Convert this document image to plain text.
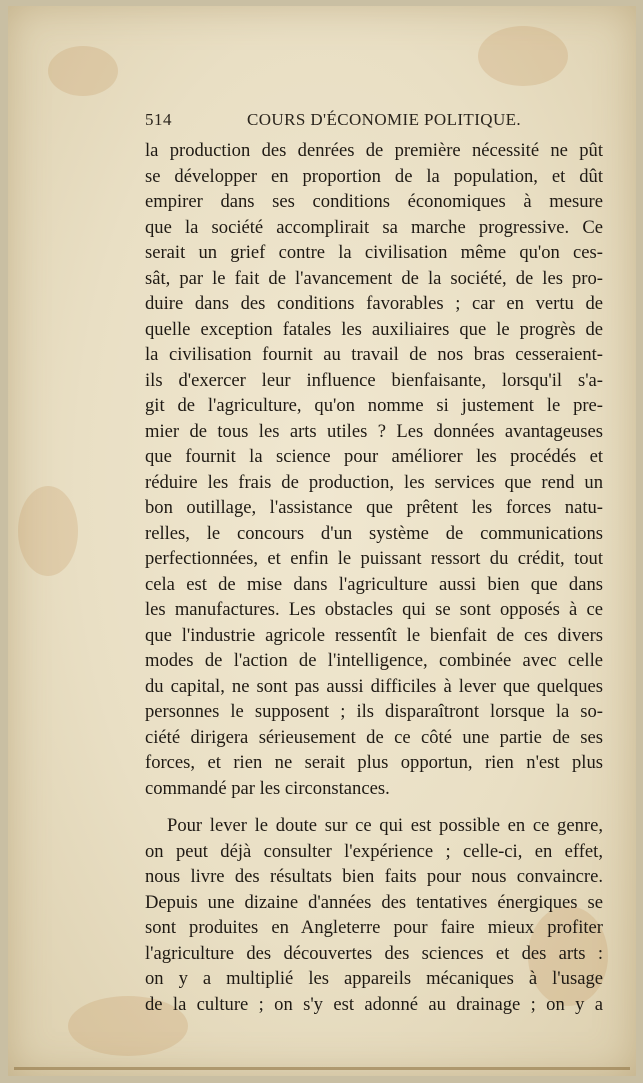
514	COURS D'ÉCONOMIE POLITIQUE.
la production des denrées de première nécessité ne pût
se développer en proportion de la population, et dût
empirer dans ses conditions économiques à mesure
que la société accomplirait sa marche progressive. Ce
serait un grief contre la civilisation même qu'on ces-
sât, par le fait de l'avancement de la société, de les pro-
duire dans des conditions favorables ; car en vertu de
quelle exception fatales les auxiliaires que le progrès de
la civilisation fournit au travail de nos bras cesseraient-
ils d'exercer leur influence bienfaisante, lorsqu'il s'a-
git de l'agriculture, qu'on nomme si justement le pre-
mier de tous les arts utiles ? Les données avantageuses
que fournit la science pour améliorer les procédés et
réduire les frais de production, les services que rend un
bon outillage, l'assistance que prêtent les forces natu-
relles, le concours d'un système de communications
perfectionnées, et enfin le puissant ressort du crédit, tout
cela est de mise dans l'agriculture aussi bien que dans
les manufactures. Les obstacles qui se sont opposés à ce
que l'industrie agricole ressentît le bienfait de ces divers
modes de l'action de l'intelligence, combinée avec celle
du capital, ne sont pas aussi difficiles à lever que quelques
personnes le supposent ; ils disparaîtront lorsque la so-
ciété dirigera sérieusement de ce côté une partie de ses
forces, et rien ne serait plus opportun, rien n'est plus
commandé par les circonstances.
Pour lever le doute sur ce qui est possible en ce genre,
on peut déjà consulter l'expérience ; celle-ci, en effet,
nous livre des résultats bien faits pour nous convaincre.
Depuis une dizaine d'années des tentatives énergiques se
sont produites en Angleterre pour faire mieux profiter
l'agriculture des découvertes des sciences et des arts :
on y a multiplié les appareils mécaniques à l'usage
de la culture ; on s'y est adonné au drainage ; on y a
